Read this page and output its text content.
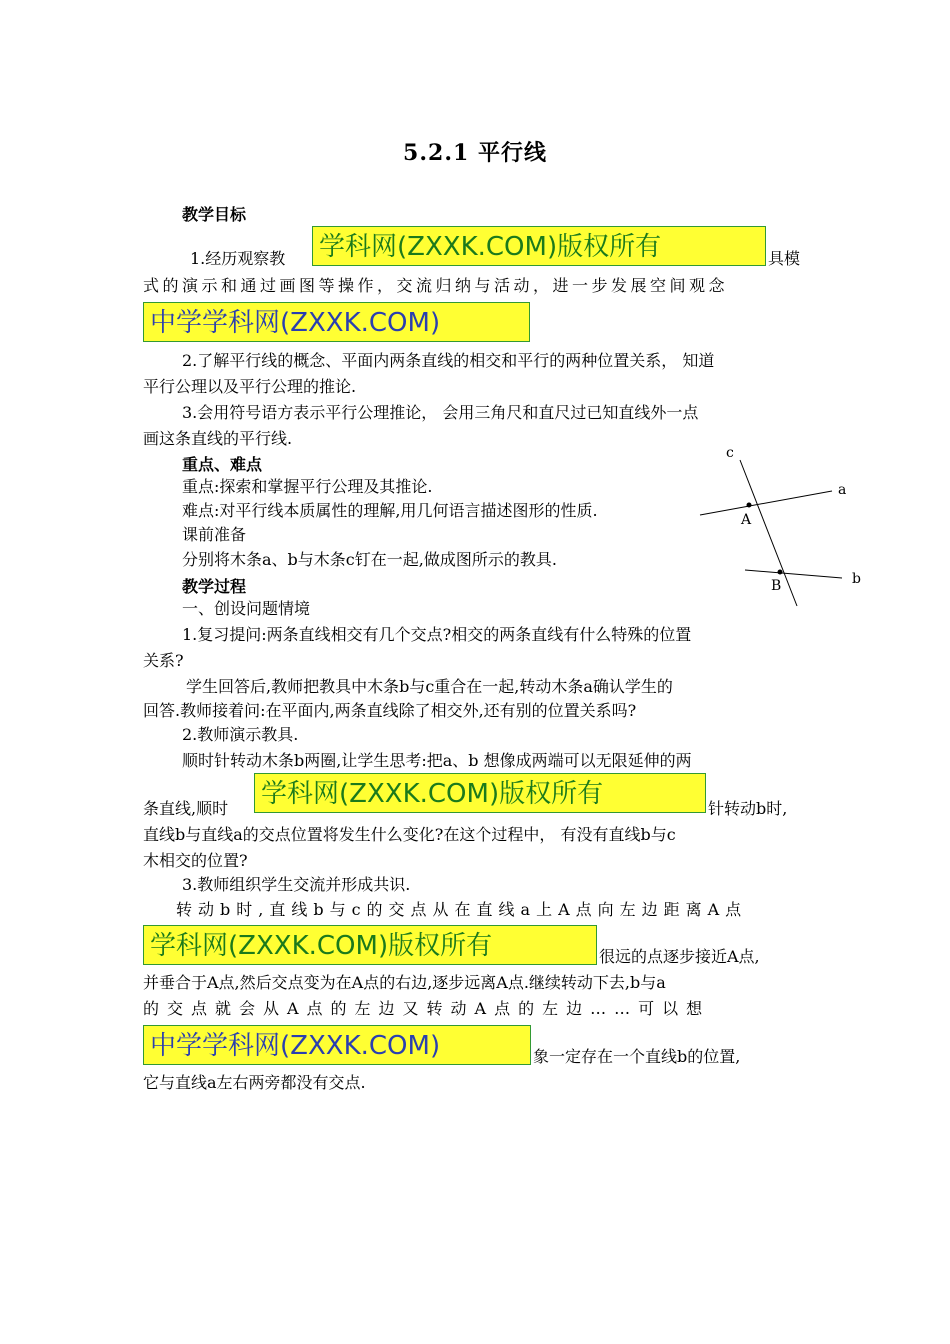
5.2.1 平行线
教学目标
1.经历观察教 学科网(ZXXK.COM)版权所有	具模
式的演示和通过画图等操作，交流归纳与活动，进一步发展空间观念
中学学科网(ZXXK.COM)
2.了解平行线的概念、平面内两条直线的相交和平行的两种位置关系， 知道
平行公理以及平行公理的推论.
3.会用符号语方表示平行公理推论， 会用三角尺和直尺过已知直线外一点
画这条直线的平行线.
重点、难点
重点:探索和掌握平行公理及其推论.
难点:对平行线本质属性的理解,用几何语言描述图形的性质.
课前准备
分别将木条a、b与木条c钉在一起,做成图所示的教具.
c
a
b
A
B
教学过程
一、创设问题情境
1.复习提问:两条直线相交有几个交点?相交的两条直线有什么特殊的位置
关系?
学生回答后,教师把教具中木条b与c重合在一起,转动木条a确认学生的
回答.教师接着问:在平面内,两条直线除了相交外,还有别的位置关系吗?
2.教师演示教具.
顺时针转动木条b两圈,让学生思考:把a、b 想像成两端可以无限延伸的两
条直线,顺时 学科网(ZXXK.COM)版权所有	针转动b时,
直线b与直线a的交点位置将发生什么变化?在这个过程中， 有没有直线b与c
木相交的位置?
3.教师组织学生交流并形成共识.
转动b时,直线b与c的交点从在直线a上A点向左边距离A点
学科网(ZXXK.COM)版权所有	很远的点逐步接近A点,
并垂合于A点,然后交点变为在A点的右边,逐步远离A点.继续转动下去,b与a
的交点就会从A点的左边又转动A点的左边……可以想
中学学科网(ZXXK.COM)	象一定存在一个直线b的位置,
它与直线a左右两旁都没有交点.
